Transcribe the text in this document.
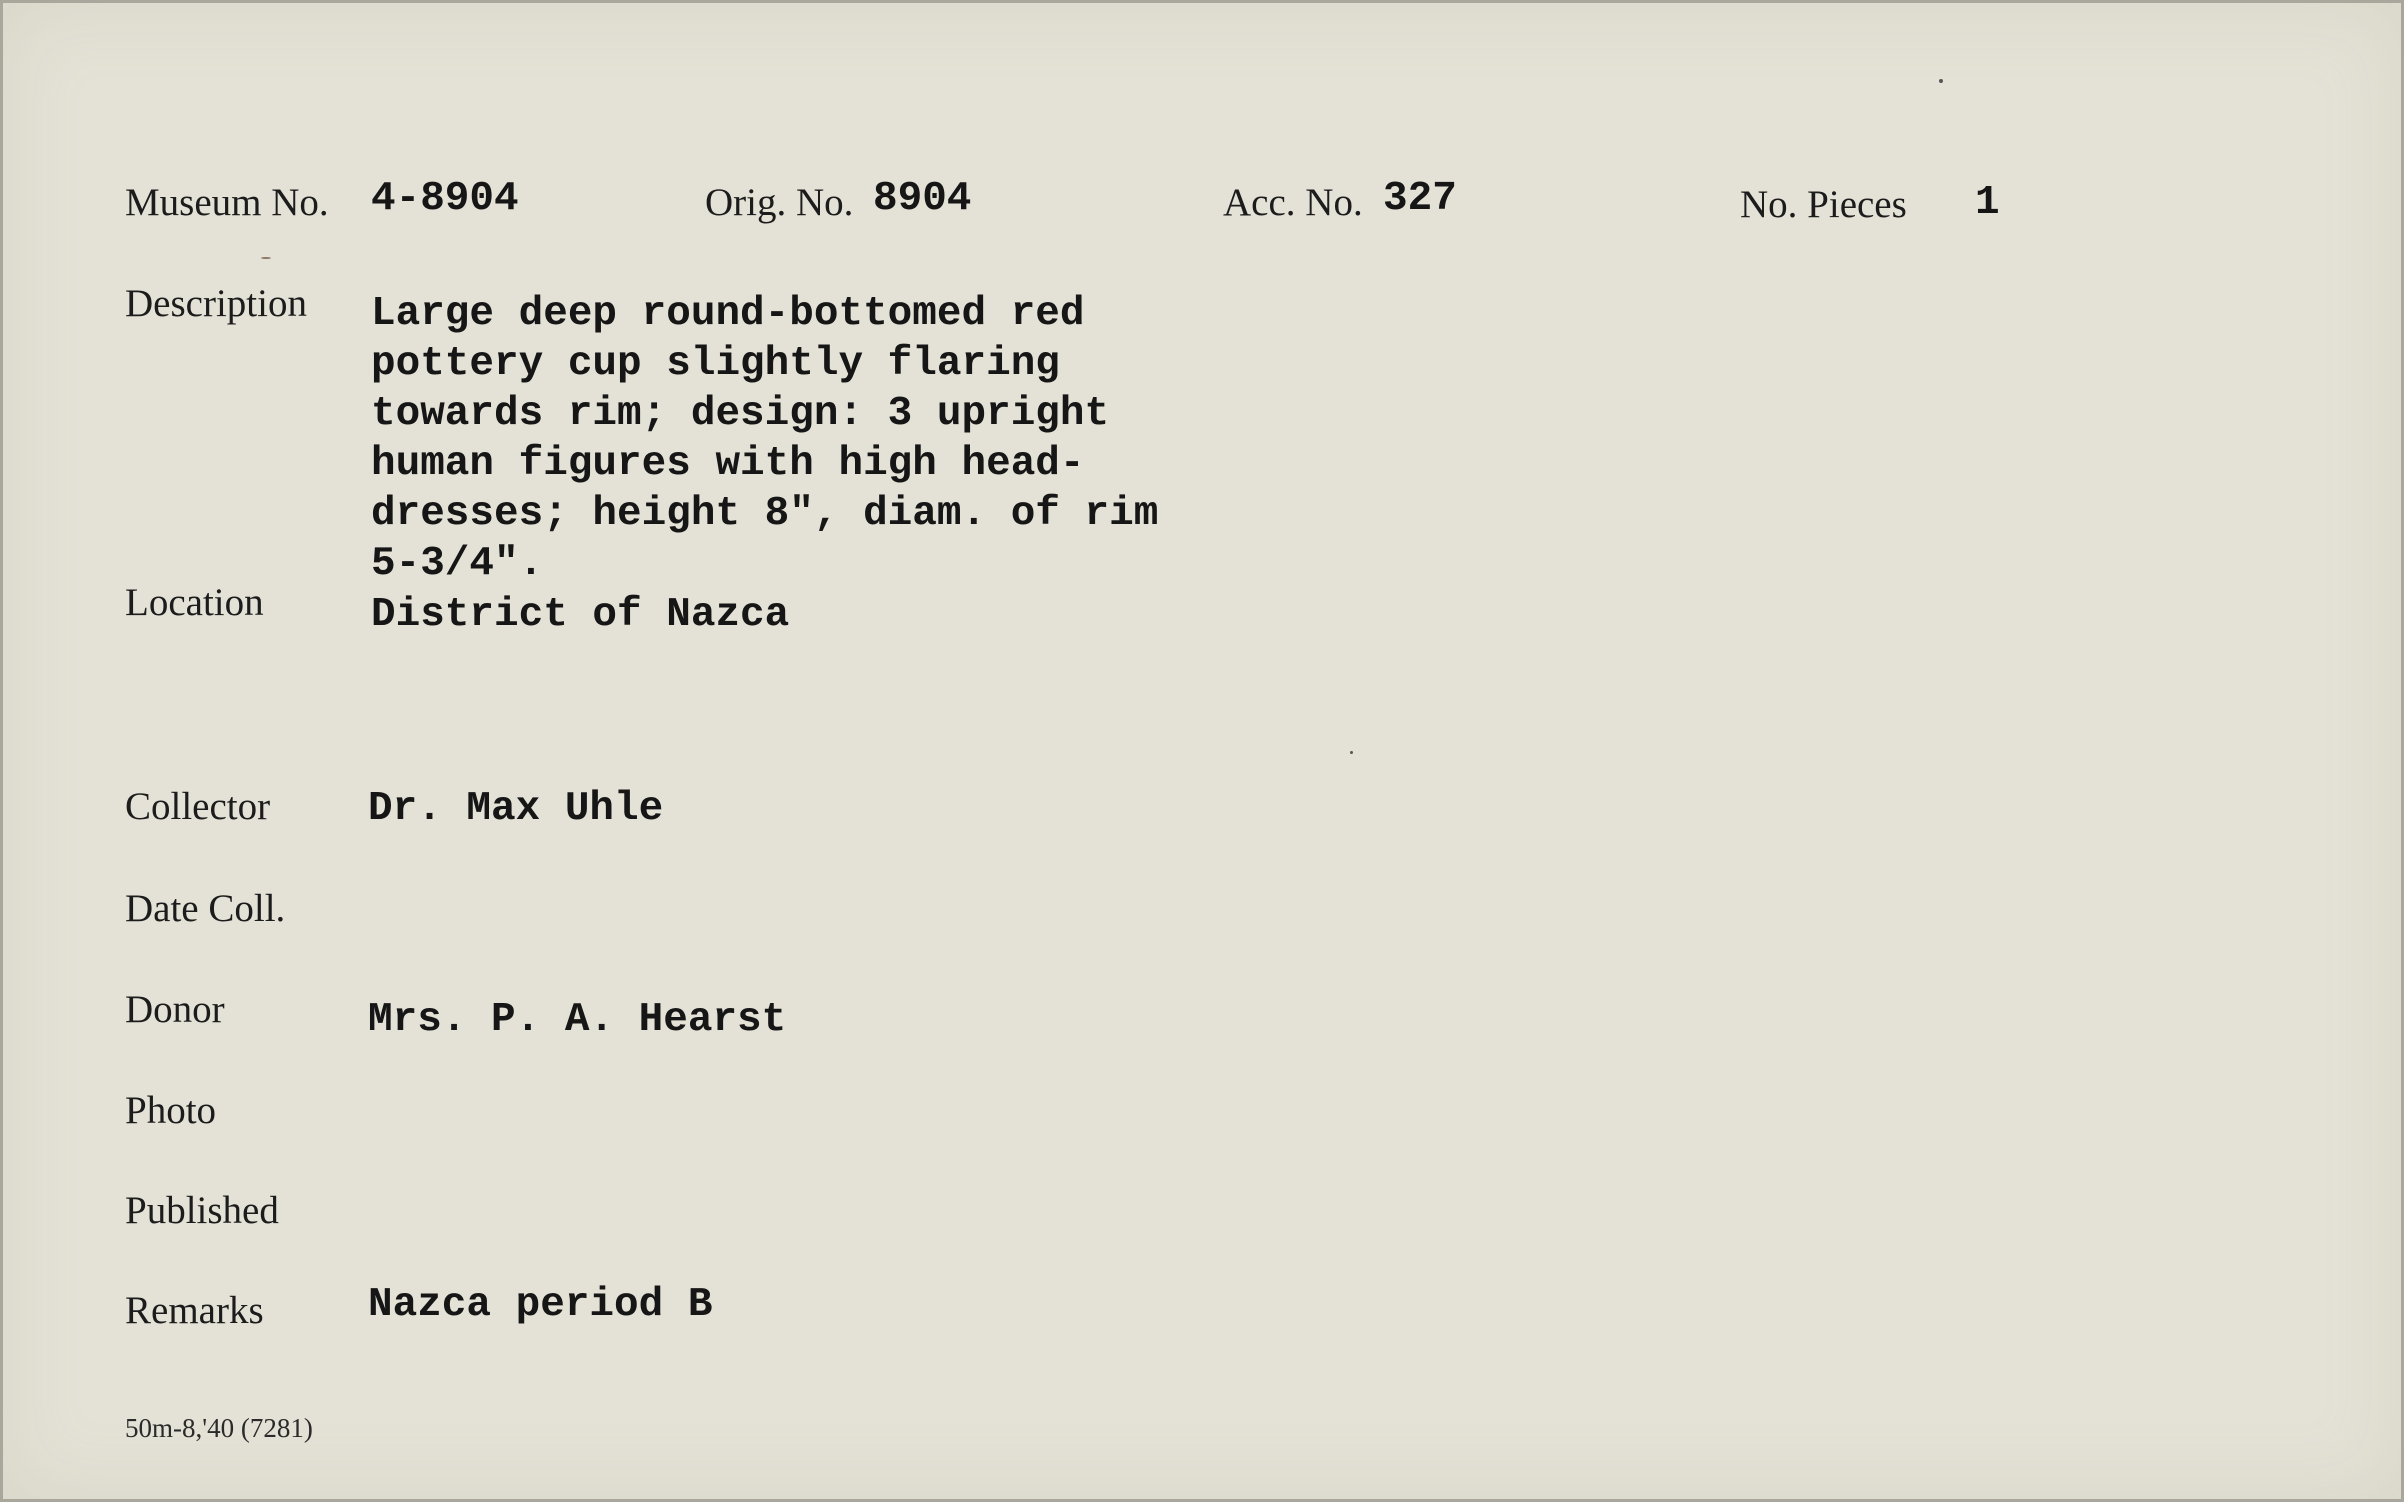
Museum No. 4-8904	Orig. No. 8904	Acc. No. 327	No. Pieces 1
Description Large deep round-bottomed red
pottery cup slightly flaring
towards rim; design: 3 upright
human figures with high head-
dresses; height 8", diam. of rim
5-3/4".
Location	District of Nazca
Collector Dr. Max Uhle
Date Coll.
Donor	Mrs. P. A. Hearst
Photo
Published
Remarks	Nazca period B
50m-8,'40 (7281)
